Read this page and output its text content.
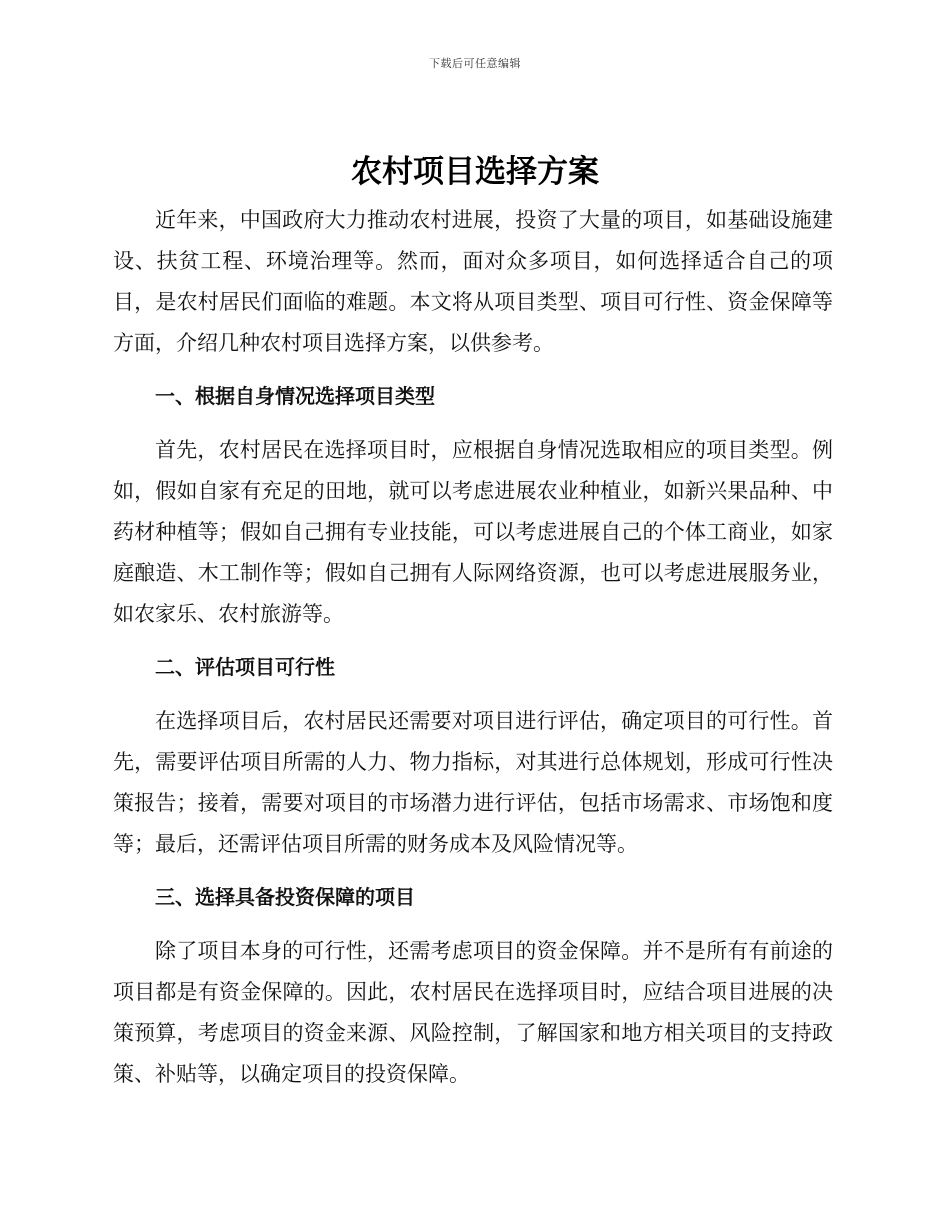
下载后可任意编辑
农村项目选择方案

近年来，中国政府大力推动农村进展，投资了大量的项目，如基础设施建设、扶贫工程、环境治理等。然而，面对众多项目，如何选择适合自己的项目，是农村居民们面临的难题。本文将从项目类型、项目可行性、资金保障等方面，介绍几种农村项目选择方案，以供参考。

一、根据自身情况选择项目类型

首先，农村居民在选择项目时，应根据自身情况选取相应的项目类型。例如，假如自家有充足的田地，就可以考虑进展农业种植业，如新兴果品种、中药材种植等；假如自己拥有专业技能，可以考虑进展自己的个体工商业，如家庭酿造、木工制作等；假如自己拥有人际网络资源，也可以考虑进展服务业，如农家乐、农村旅游等。

二、评估项目可行性

在选择项目后，农村居民还需要对项目进行评估，确定项目的可行性。首先，需要评估项目所需的人力、物力指标，对其进行总体规划，形成可行性决策报告；接着，需要对项目的市场潜力进行评估，包括市场需求、市场饱和度等；最后，还需评估项目所需的财务成本及风险情况等。

三、选择具备投资保障的项目

除了项目本身的可行性，还需考虑项目的资金保障。并不是所有有前途的项目都是有资金保障的。因此，农村居民在选择项目时，应结合项目进展的决策预算，考虑项目的资金来源、风险控制，了解国家和地方相关项目的支持政策、补贴等，以确定项目的投资保障。
